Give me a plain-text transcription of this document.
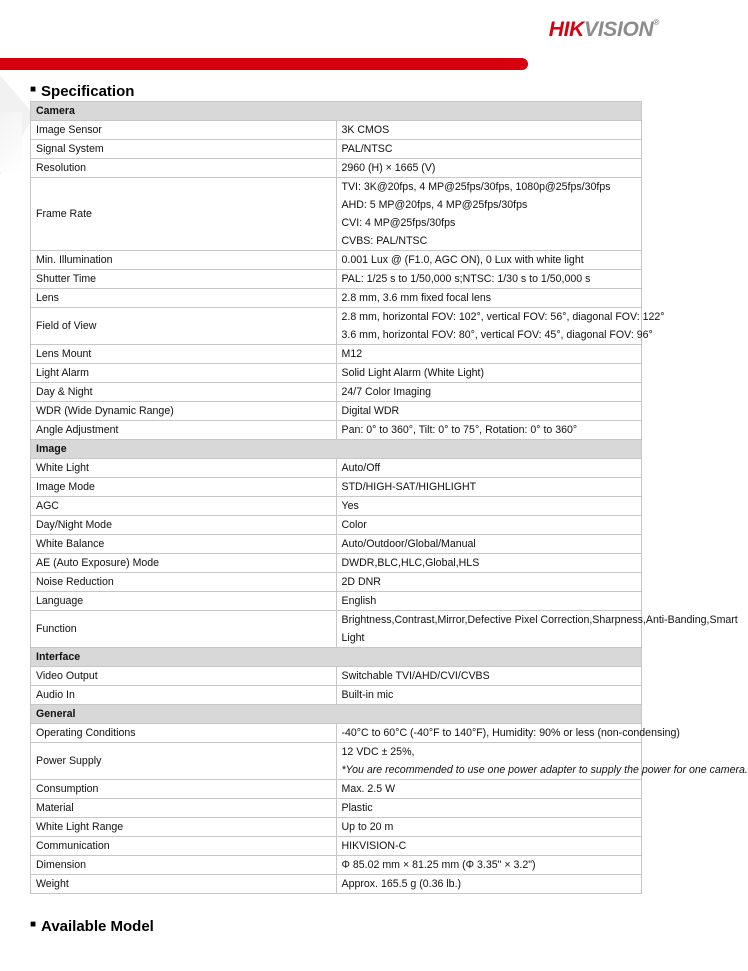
HIKVISION®
■ Specification
Camera	
Image Sensor	3K CMOS

Signal System	PAL/NTSC

Resolution	2960 (H) × 1665 (V)

Frame Rate	TVI: 3K@20fps, 4 MP@25fps/30fps, 1080p@25fps/30fps
AHD: 5 MP@20fps, 4 MP@25fps/30fps
CVI: 4 MP@25fps/30fps
CVBS: PAL/NTSC

Min. Illumination	0.001 Lux @ (F1.0, AGC ON), 0 Lux with white light

Shutter Time	PAL: 1/25 s to 1/50,000 s;NTSC: 1/30 s to 1/50,000 s

Lens	2.8 mm, 3.6 mm fixed focal lens

Field of View	2.8 mm, horizontal FOV: 102°, vertical FOV: 56°, diagonal FOV: 122°
3.6 mm, horizontal FOV: 80°, vertical FOV: 45°, diagonal FOV: 96°

Lens Mount	M12

Light Alarm	Solid Light Alarm (White Light)

Day & Night	24/7 Color Imaging

WDR (Wide Dynamic Range)	Digital WDR

Angle Adjustment	Pan: 0° to 360°, Tilt: 0° to 75°, Rotation: 0° to 360°

Image	
White Light	Auto/Off

Image Mode	STD/HIGH-SAT/HIGHLIGHT

AGC	Yes

Day/Night Mode	Color

White Balance	Auto/Outdoor/Global/Manual

AE (Auto Exposure) Mode	DWDR,BLC,HLC,Global,HLS

Noise Reduction	2D DNR

Language	English

Function	Brightness,Contrast,Mirror,Defective Pixel Correction,Sharpness,Anti-Banding,Smart
Light

Interface	
Video Output	Switchable TVI/AHD/CVI/CVBS

Audio In	Built-in mic

General	
Operating Conditions	-40°C to 60°C (-40°F to 140°F), Humidity: 90% or less (non-condensing)

Power Supply	12 VDC ± 25%,
*You are recommended to use one power adapter to supply the power for one camera.

Consumption	Max. 2.5 W

Material	Plastic

White Light Range	Up to 20 m

Communication	HIKVISION-C

Dimension	Φ 85.02 mm × 81.25 mm (Φ 3.35" × 3.2")

Weight	Approx. 165.5 g (0.36 lb.)
■ Available Model
